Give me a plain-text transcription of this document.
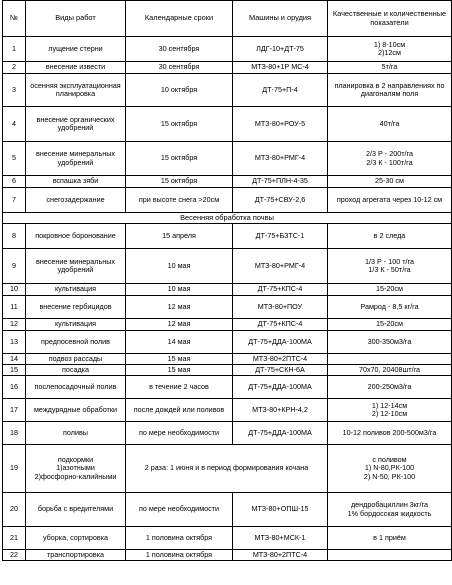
№	Виды работ	Календарные сроки	Машины и орудия	Качественные и количественные показатели
1	лущение стерни	30 сентября	ЛДГ-10+ДТ-75	1) 8-10см
2)12см
2	внесение извести	30 сентября	МТЗ-80+1Р МС-4	5т/га
3	осенняя эксплуатационная планировка	10 октября	ДТ-75+П-4	планировка в 2 направлениях по диагоналям поля
4	внесение органических удобрений	15 октября	МТЗ-80+РОУ-5	40т/га
5	внесение минеральных удобрений	15 октября	МТЗ-80+РМГ-4	2/3 Р - 200т/га
2/3 К - 100т/га
6	вспашка зяби	15 октября	ДТ-75+ПЛН-4-35	25-30 см
7	снегозадержание	при высоте снега >20см	ДТ-75+СВУ-2,6	проход агрегата через 10-12 см
Весенняя обработка почвы				
8	покровное боронование	15 апреля	ДТ-75+БЗТС-1	в 2 следа
9	внесение минеральных удобрений	10 мая	МТЗ-80+РМГ-4	1/3 Р - 100 т/га
1/3 К - 50т/га
10	культивация	10 мая	ДТ-75+КПС-4	15-20см
11	внесение гербицидов	12 мая	МТЗ-80+ПОУ	Рамрод - 8,5 кг/га
12	культивация	12 мая	ДТ-75+КПС-4	15-20см
13	предпосевной полив	14 мая	ДТ-75+ДДА-100МА	300-350м3/га
14	подвоз рассады	15 мая	МТЗ-80+2ПТС-4	
15	посадка	15 мая	ДТ-75+СКН-6А	70х70, 20408шт/га
16	послепосадочный полив	в течение 2 часов	ДТ-75+ДДА-100МА	200-250м3/га
17	междурядные обработки	после дождей или поливов	МТЗ-80+КРН-4,2	1) 12-14см
2) 12-10см
18	поливы	по мере необходимости	ДТ-75+ДДА-100МА	10-12 поливов 200-500м3/га
19	подкормки
1)азотными
2)фосфорно-калийными	2 раза: 1 июня и в период формирования кочана		с поливом
1) N-80,РК-100
2) N-50, РК-100
20	борьба с вредителями	по мере необходимости	МТЗ-80+ОПШ-15	дендробациллин 3кг/га
1% бордосская жидкость
21	уборка, сортировка	1 половина октября	МТЗ-80+МСК-1	в 1 приём
22	транспортировка	1 половина октября	МТЗ-80+2ПТС-4	
